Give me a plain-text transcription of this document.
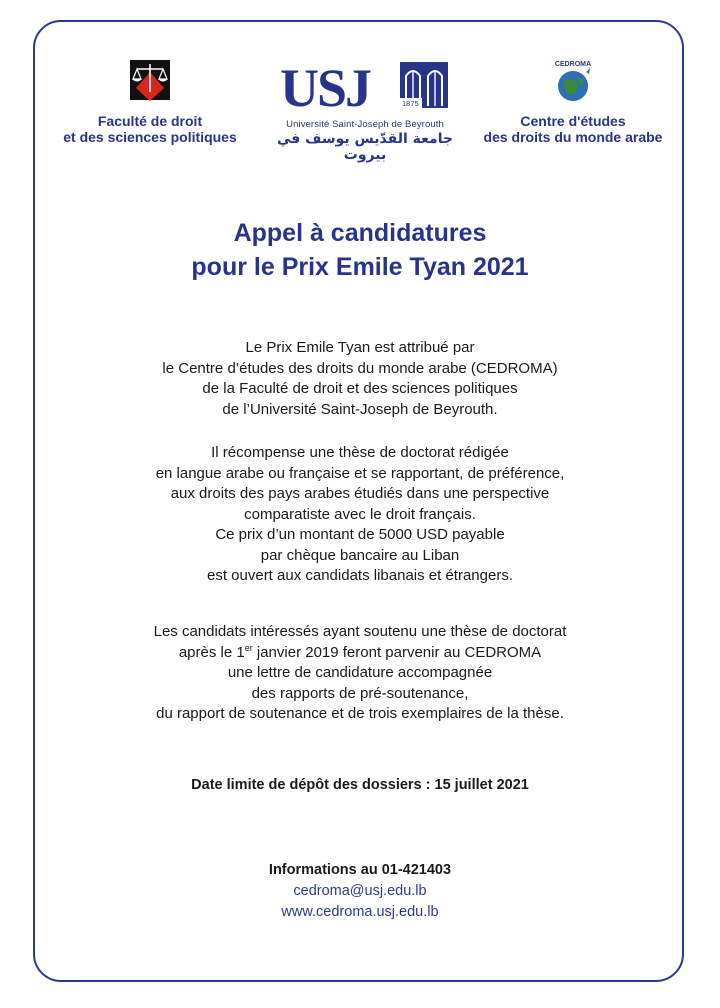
Faculté de droit
et des sciences politiques
USJ	1875
Université Saint-Joseph de Beyrouth
جامعة القدّيس يوسف في بيروت
CEDROMA
Centre d'études
des droits du monde arabe
Appel à candidatures
pour le Prix Emile Tyan 2021
Le Prix Emile Tyan est attribué par
le Centre d’études des droits du monde arabe (CEDROMA)
de la Faculté de droit et des sciences politiques
de l’Université Saint-Joseph de Beyrouth.
Il récompense une thèse de doctorat rédigée
en langue arabe ou française et se rapportant, de préférence,
aux droits des pays arabes étudiés dans une perspective
comparatiste avec le droit français.
Ce prix d’un montant de 5000 USD payable
par chèque bancaire au Liban
est ouvert aux candidats libanais et étrangers.
Les candidats intéressés ayant soutenu une thèse de doctorat
après le 1er janvier 2019 feront parvenir au CEDROMA
une lettre de candidature accompagnée
des rapports de pré-soutenance,
du rapport de soutenance et de trois exemplaires de la thèse.
Date limite de dépôt des dossiers : 15 juillet 2021
Informations au 01-421403
cedroma@usj.edu.lb
www.cedroma.usj.edu.lb
